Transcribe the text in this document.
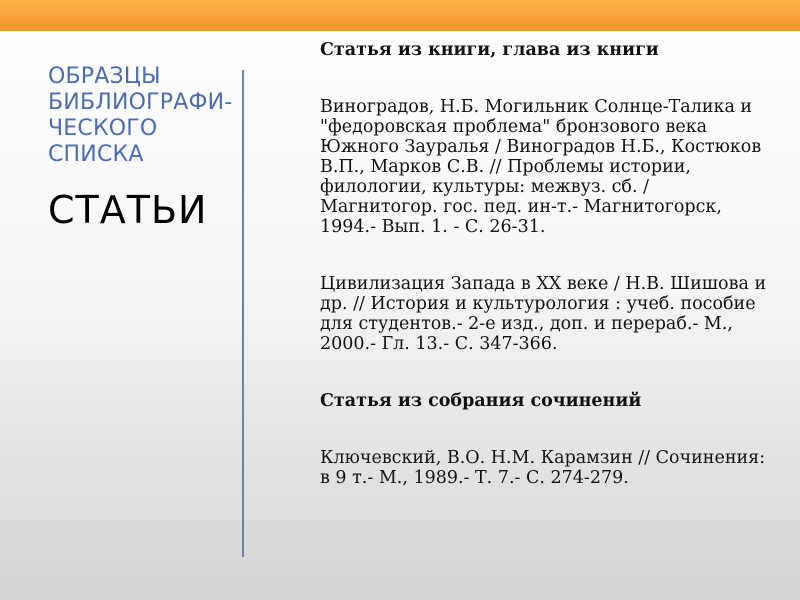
ОБРАЗЦЫ
БИБЛИОГРАФИ-
ЧЕСКОГО
СПИСКА
СТАТЬИ

Статья из книги, глава из книги

Виноградов, Н.Б. Могильник Солнце-Талика и "федоровская проблема" бронзового века Южного Зауралья / Виноградов Н.Б., Костюков В.П., Марков С.В. // Проблемы истории, филологии, культуры: межвуз. сб. / Магнитогор. гос. пед. ин-т.- Магнитогорск, 1994.- Вып. 1. - С. 26-31.

Цивилизация Запада в XX веке / Н.В. Шишова и др. // История и культурология : учеб. пособие для студентов.- 2-е изд., доп. и перераб.- М., 2000.- Гл. 13.- С. 347-366.

Статья из собрания сочинений

Ключевский, В.О. Н.М. Карамзин // Сочинения: в 9 т.- М., 1989.- Т. 7.- С. 274-279.
